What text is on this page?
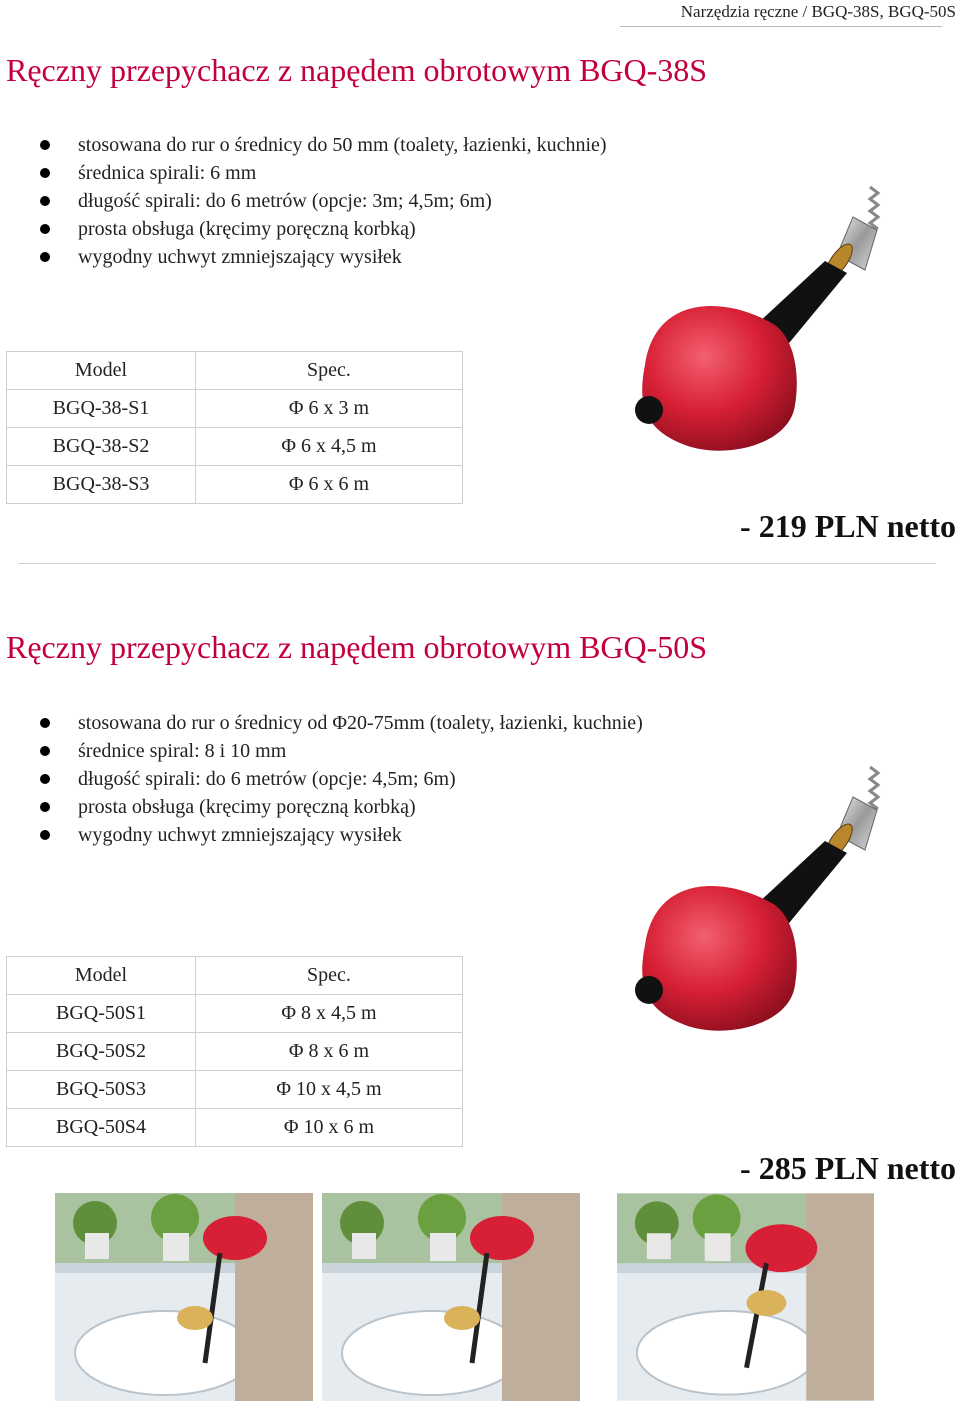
Narzędzia ręczne / BGQ-38S, BGQ-50S
Ręczny przepychacz z napędem obrotowym BGQ-38S
stosowana do rur o średnicy do 50 mm (toalety, łazienki, kuchnie)
średnica spirali: 6 mm
długość spirali: do 6 metrów (opcje: 3m; 4,5m; 6m)
prosta obsługa (kręcimy poręczną korbką)
wygodny uchwyt zmniejszający wysiłek
Model	Spec.
BGQ-38-S1	Φ 6 x 3 m
BGQ-38-S2	Φ 6 x 4,5 m
BGQ-38-S3	Φ 6 x 6 m
- 219 PLN netto
Ręczny przepychacz z napędem obrotowym BGQ-50S
stosowana do rur o średnicy od Φ20-75mm (toalety, łazienki, kuchnie)
średnice spiral: 8 i 10 mm
długość spirali: do 6 metrów (opcje: 4,5m; 6m)
prosta obsługa (kręcimy poręczną korbką)
wygodny uchwyt zmniejszający wysiłek
Model	Spec.
BGQ-50S1	Φ 8 x 4,5 m
BGQ-50S2	Φ 8 x 6 m
BGQ-50S3	Φ 10 x 4,5 m
BGQ-50S4	Φ 10 x 6 m
- 285 PLN netto
